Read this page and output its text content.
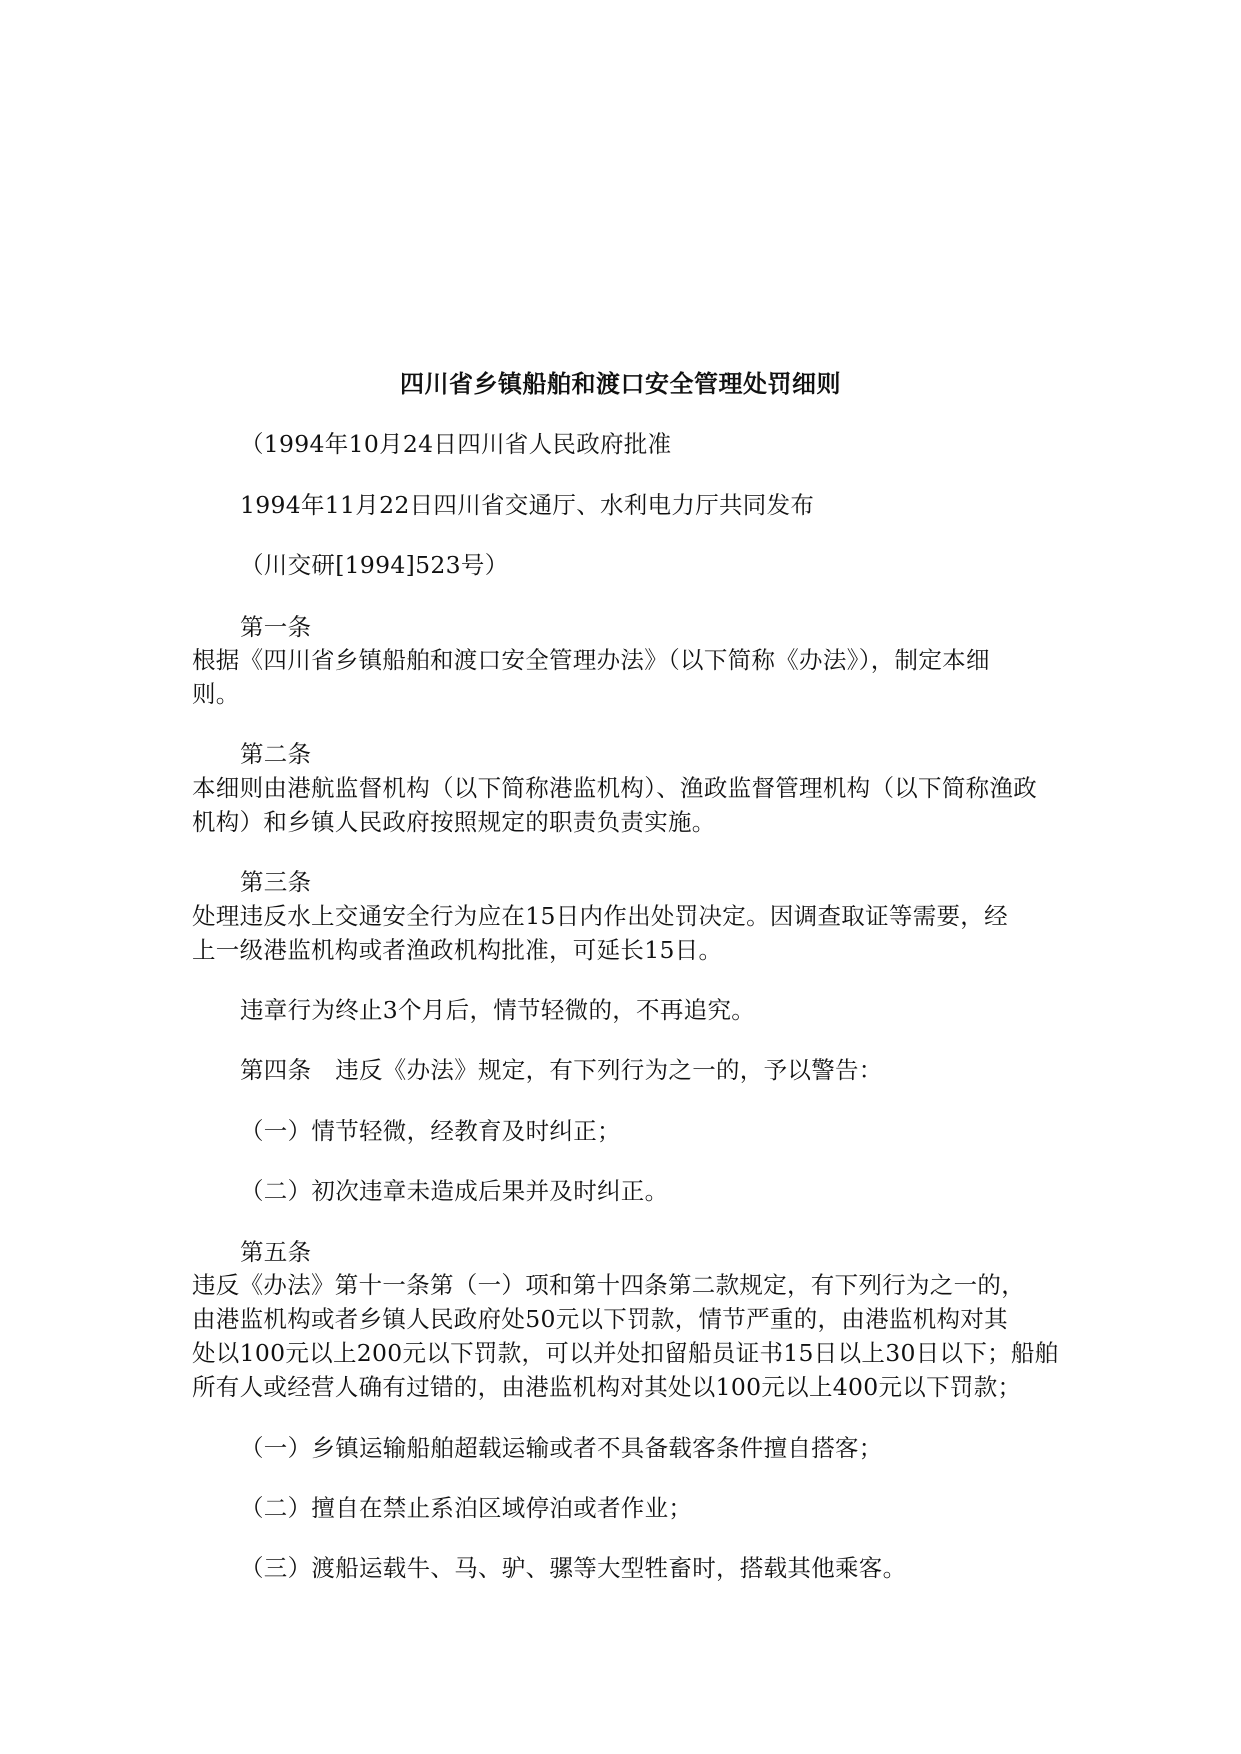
四川省乡镇船舶和渡口安全管理处罚细则
（1994年10月24日四川省人民政府批准
1994年11月22日四川省交通厅、水利电力厅共同发布
（川交研[1994]523号）
第一条
根据《四川省乡镇船舶和渡口安全管理办法》（以下简称《办法》），制定本细
则。
第二条
本细则由港航监督机构（以下简称港监机构）、渔政监督管理机构（以下简称渔政
机构）和乡镇人民政府按照规定的职责负责实施。
第三条
处理违反水上交通安全行为应在15日内作出处罚决定。因调查取证等需要，经
上一级港监机构或者渔政机构批准，可延长15日。
违章行为终止3个月后，情节轻微的，不再追究。
第四条　违反《办法》规定，有下列行为之一的，予以警告：
（一）情节轻微，经教育及时纠正；
（二）初次违章未造成后果并及时纠正。
第五条
违反《办法》第十一条第（一）项和第十四条第二款规定，有下列行为之一的，
由港监机构或者乡镇人民政府处50元以下罚款，情节严重的，由港监机构对其
处以100元以上200元以下罚款，可以并处扣留船员证书15日以上30日以下；船舶
所有人或经营人确有过错的，由港监机构对其处以100元以上400元以下罚款；
（一）乡镇运输船舶超载运输或者不具备载客条件擅自搭客；
（二）擅自在禁止系泊区域停泊或者作业；
（三）渡船运载牛、马、驴、骡等大型牲畜时，搭载其他乘客。
